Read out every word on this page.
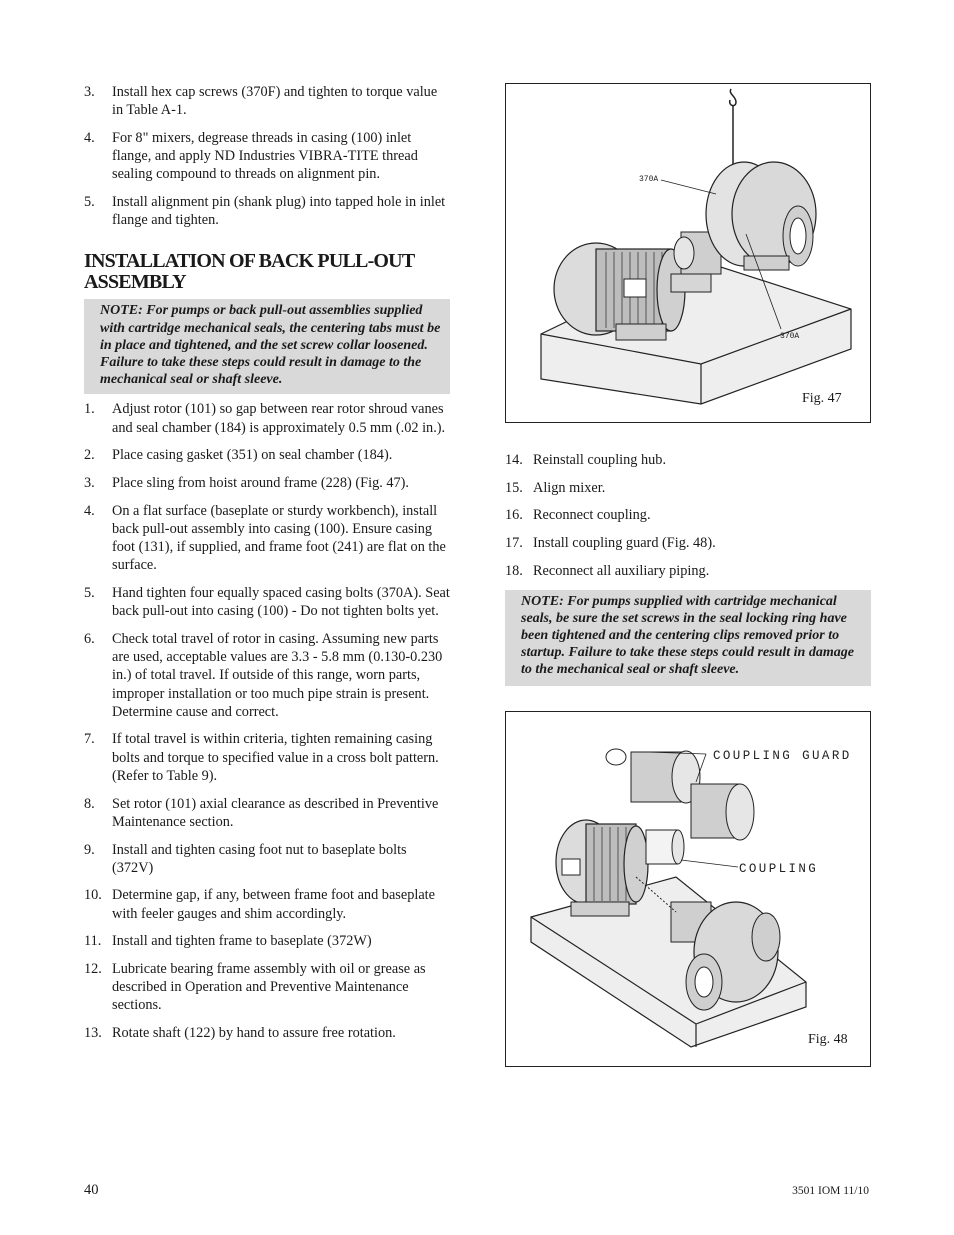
3. Install hex cap screws (370F) and tighten to torque value in Table A-1.
4. For 8" mixers, degrease threads in casing (100) inlet flange, and apply ND Industries VIBRA-TITE thread sealing compound to threads on alignment pin.
5. Install alignment pin (shank plug) into tapped hole in inlet flange and tighten.
INSTALLATION OF BACK PULL-OUT ASSEMBLY
NOTE: For pumps or back pull-out assemblies supplied with cartridge mechanical seals, the centering tabs must be in place and tightened, and the set screw collar loosened. Failure to take these steps could result in damage to the mechanical seal or shaft sleeve.
1. Adjust rotor (101) so gap between rear rotor shroud vanes and seal chamber (184) is approximately 0.5 mm (.02 in.).
2. Place casing gasket (351) on seal chamber (184).
3. Place sling from hoist around frame (228) (Fig. 47).
4. On a flat surface (baseplate or sturdy workbench), install back pull-out assembly into casing (100). Ensure casing foot (131), if supplied, and frame foot (241) are flat on the surface.
5. Hand tighten four equally spaced casing bolts (370A). Seat back pull-out into casing (100) - Do not tighten bolts yet.
6. Check total travel of rotor in casing. Assuming new parts are used, acceptable values are 3.3 - 5.8 mm (0.130-0.230 in.) of total travel. If outside of this range, worn parts, improper installation or too much pipe strain is present. Determine cause and correct.
7. If total travel is within criteria, tighten remaining casing bolts and torque to specified value in a cross bolt pattern.(Refer to Table 9).
8. Set rotor (101) axial clearance as described in Preventive Maintenance section.
9. Install and tighten casing foot nut to baseplate bolts (372V)
10. Determine gap, if any, between frame foot and baseplate with feeler gauges and shim accordingly.
11. Install and tighten frame to baseplate (372W)
12. Lubricate bearing frame assembly with oil or grease as described in Operation and Preventive Maintenance sections.
13. Rotate shaft (122) by hand to assure free rotation.
370A
370A
Fig. 47
14. Reinstall coupling hub.
15. Align mixer.
16. Reconnect coupling.
17. Install coupling guard (Fig. 48).
18. Reconnect all auxiliary piping.
NOTE: For pumps supplied with cartridge mechanical seals, be sure the set screws in the seal locking ring have been tightened and the centering clips removed prior to startup. Failure to take these steps could result in damage to the mechanical seal or shaft sleeve.
COUPLING GUARD
COUPLING
Fig. 48
40	3501 IOM 11/10
